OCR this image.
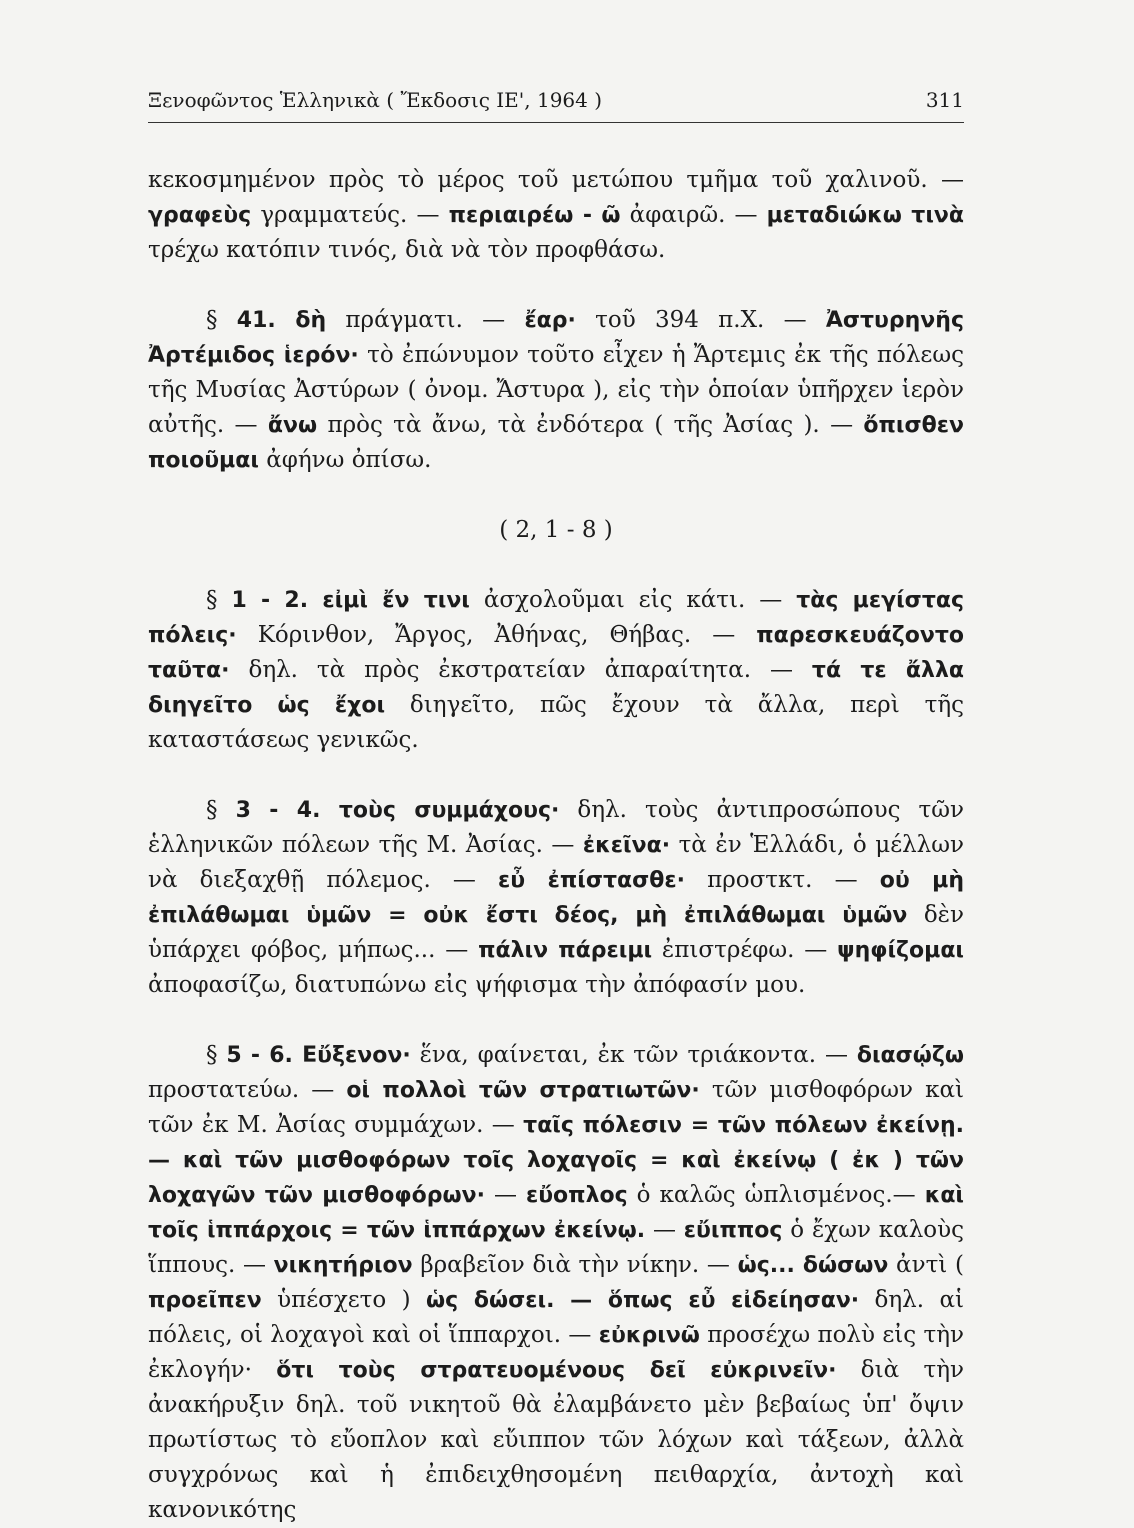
Ξενοφῶντος Ἑλληνικὰ ( Ἔκδοσις ΙΕ', 1964 )	311

κεκοσμημένον πρὸς τὸ μέρος τοῦ μετώπου τμῆμα τοῦ χαλινοῦ. — γραφεὺς γραμματεύς. — περιαιρέω - ῶ ἀφαιρῶ. — μεταδιώκω τινὰ τρέχω κατόπιν τινός, διὰ νὰ τὸν προφθάσω.

§ 41. δὴ πράγματι. — ἔαρ· τοῦ 394 π.Χ. — Ἀστυρηνῆς Ἀρτέμιδος ἱερόν· τὸ ἐπώνυμον τοῦτο εἶχεν ἡ Ἄρτεμις ἐκ τῆς πόλεως τῆς Μυσίας Ἀστύρων ( ὀνομ. Ἄστυρα ), εἰς τὴν ὁποίαν ὑπῆρχεν ἱερὸν αὐτῆς. — ἄνω πρὸς τὰ ἄνω, τὰ ἐνδότερα ( τῆς Ἀσίας ). — ὄπισθεν ποιοῦμαι ἀφήνω ὀπίσω.

( 2, 1 - 8 )

§ 1 - 2. εἰμὶ ἔν τινι ἀσχολοῦμαι εἰς κάτι. — τὰς μεγίστας πόλεις· Κόρινθον, Ἄργος, Ἀθήνας, Θήβας. — παρεσκευάζοντο ταῦτα· δηλ. τὰ πρὸς ἐκστρατείαν ἀπαραίτητα. — τά τε ἄλλα διηγεῖτο ὡς ἔχοι διηγεῖτο, πῶς ἔχουν τὰ ἄλλα, περὶ τῆς καταστάσεως γενικῶς.

§ 3 - 4. τοὺς συμμάχους· δηλ. τοὺς ἀντιπροσώπους τῶν ἑλληνικῶν πόλεων τῆς Μ. Ἀσίας. — ἐκεῖνα· τὰ ἐν Ἑλλάδι, ὁ μέλλων νὰ διεξαχθῇ πόλεμος. — εὖ ἐπίστασθε· προστκτ. — οὐ μὴ ἐπιλάθωμαι ὑμῶν = οὐκ ἔστι δέος, μὴ ἐπιλάθωμαι ὑμῶν δὲν ὑπάρχει φόβος, μήπως... — πάλιν πάρειμι ἐπιστρέφω. — ψηφίζομαι ἀποφασίζω, διατυπώνω εἰς ψήφισμα τὴν ἀπόφασίν μου.

§ 5 - 6. Εὔξενον· ἕνα, φαίνεται, ἐκ τῶν τριάκοντα. — διασῴζω προστατεύω. — οἱ πολλοὶ τῶν στρατιωτῶν· τῶν μισθοφόρων καὶ τῶν ἐκ Μ. Ἀσίας συμμάχων. — ταῖς πόλεσιν = τῶν πόλεων ἐκείνῃ. — καὶ τῶν μισθοφόρων τοῖς λοχαγοῖς = καὶ ἐκείνῳ ( ἐκ ) τῶν λοχαγῶν τῶν μισθοφόρων· — εὔοπλος ὁ καλῶς ὡπλισμένος.— καὶ τοῖς ἱππάρχοις = τῶν ἱππάρχων ἐκείνῳ. — εὔιππος ὁ ἔχων καλοὺς ἵππους. — νικητήριον βραβεῖον διὰ τὴν νίκην. — ὡς... δώσων ἀντὶ ( προεῖπεν ὑπέσχετο ) ὡς δώσει. — ὅπως εὖ εἰδείησαν· δηλ. αἱ πόλεις, οἱ λοχαγοὶ καὶ οἱ ἵππαρχοι. — εὐκρινῶ προσέχω πολὺ εἰς τὴν ἐκλογήν· ὅτι τοὺς στρατευομένους δεῖ εὐκρινεῖν· διὰ τὴν ἀνακήρυξιν δηλ. τοῦ νικητοῦ θὰ ἐλαμβάνετο μὲν βεβαίως ὑπ' ὄψιν πρωτίστως τὸ εὔοπλον καὶ εὔιππον τῶν λόχων καὶ τάξεων, ἀλλὰ συγχρόνως καὶ ἡ ἐπιδειχθησομένη πειθαρχία, ἀντοχὴ καὶ κανονικότης
